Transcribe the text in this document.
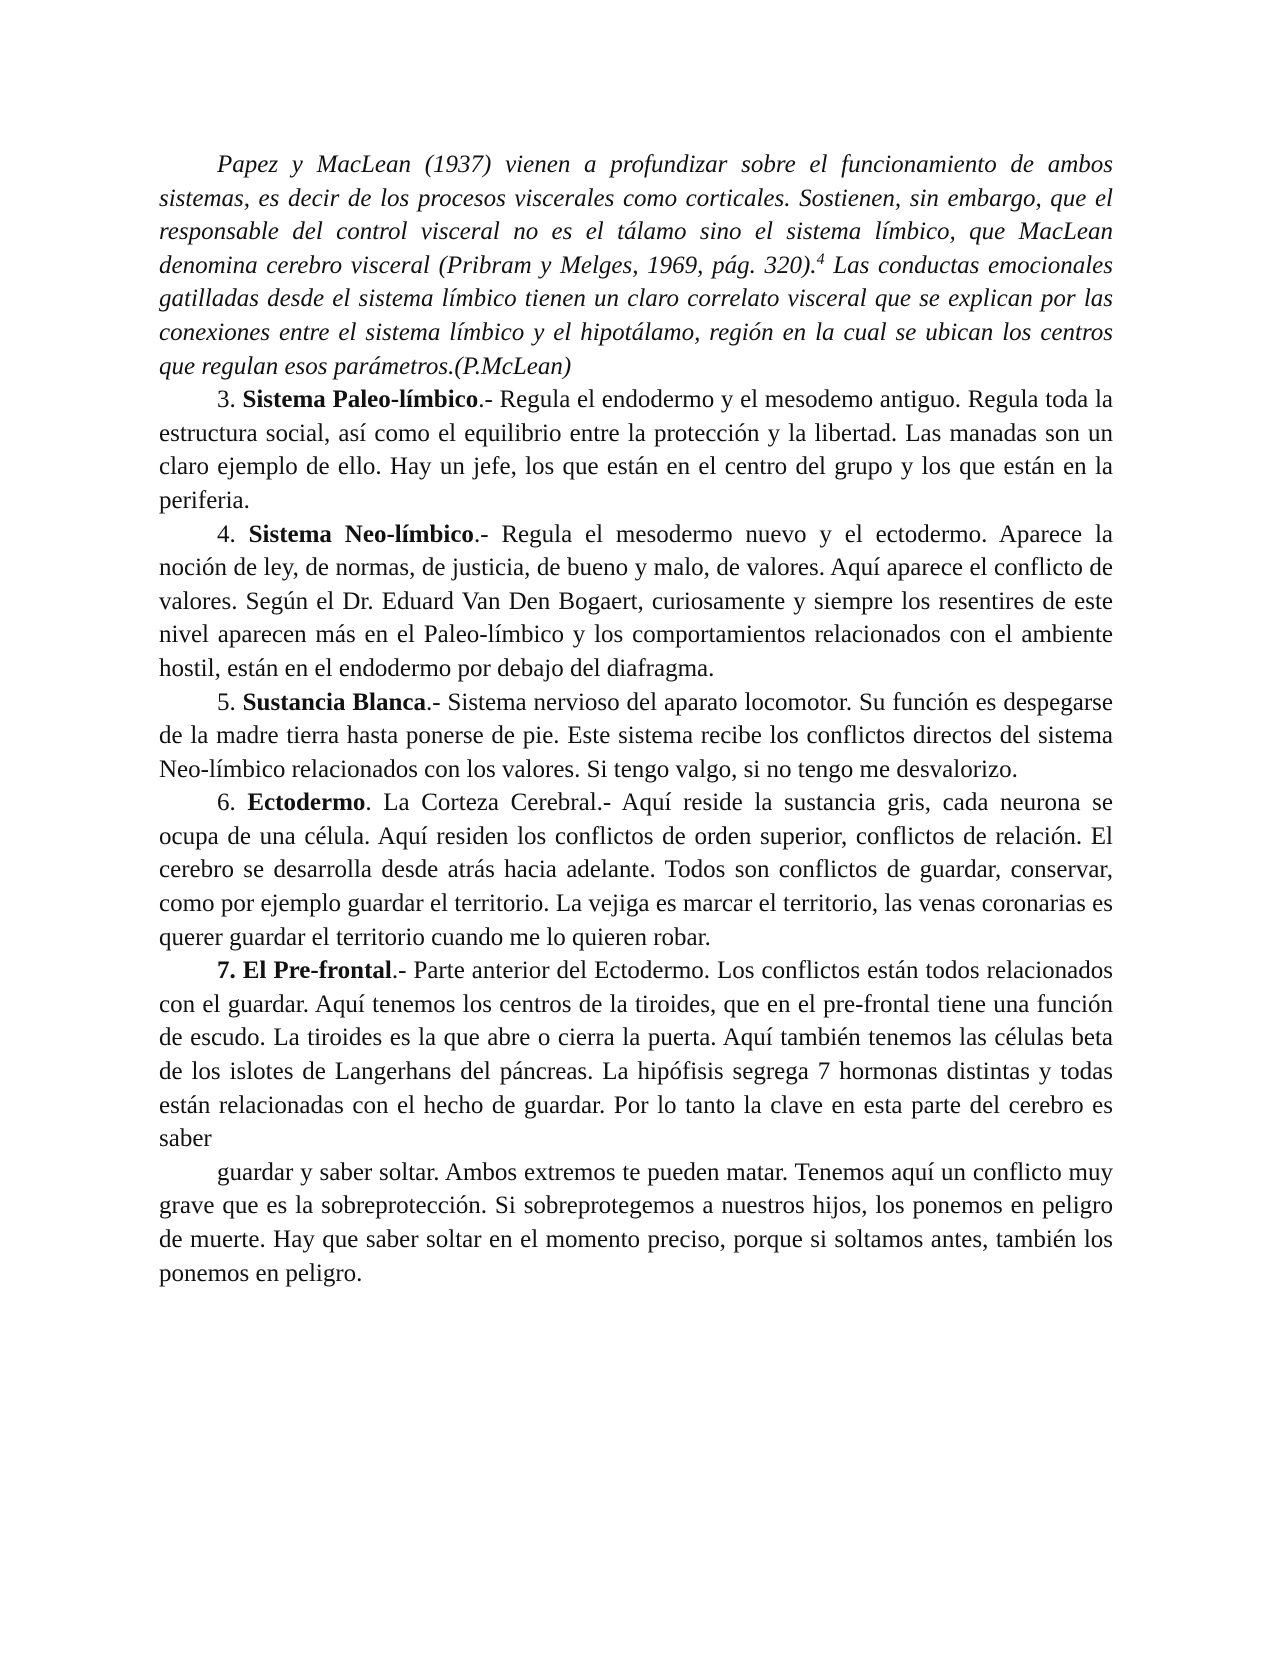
Papez y MacLean (1937) vienen a profundizar sobre el funcionamiento de ambos sistemas, es decir de los procesos viscerales como corticales. Sostienen, sin embargo, que el responsable del control visceral no es el tálamo sino el sistema límbico, que MacLean denomina cerebro visceral (Pribram y Melges, 1969, pág. 320).$^4$ Las conductas emocionales gatilladas desde el sistema límbico tienen un claro correlato visceral que se explican por las conexiones entre el sistema límbico y el hipotálamo, región en la cual se ubican los centros que regulan esos parámetros.(P.McLean)

3. Sistema Paleo-límbico.- Regula el endodermo y el mesodemo antiguo. Regula toda la estructura social, así como el equilibrio entre la protección y la libertad. Las manadas son un claro ejemplo de ello. Hay un jefe, los que están en el centro del grupo y los que están en la periferia.

4. Sistema Neo-límbico.- Regula el mesodermo nuevo y el ectodermo. Aparece la noción de ley, de normas, de justicia, de bueno y malo, de valores. Aquí aparece el conflicto de valores. Según el Dr. Eduard Van Den Bogaert, curiosamente y siempre los resentires de este nivel aparecen más en el Paleo-límbico y los comportamientos relacionados con el ambiente hostil, están en el endodermo por debajo del diafragma.

5. Sustancia Blanca.- Sistema nervioso del aparato locomotor. Su función es despegarse de la madre tierra hasta ponerse de pie. Este sistema recibe los conflictos directos del sistema Neo-límbico relacionados con los valores. Si tengo valgo, si no tengo me desvalorizo.

6. Ectodermo. La Corteza Cerebral.- Aquí reside la sustancia gris, cada neurona se ocupa de una célula. Aquí residen los conflictos de orden superior, conflictos de relación. El cerebro se desarrolla desde atrás hacia adelante. Todos son conflictos de guardar, conservar, como por ejemplo guardar el territorio. La vejiga es marcar el territorio, las venas coronarias es querer guardar el territorio cuando me lo quieren robar.

7. El Pre-frontal.- Parte anterior del Ectodermo. Los conflictos están todos relacionados con el guardar. Aquí tenemos los centros de la tiroides, que en el pre-frontal tiene una función de escudo. La tiroides es la que abre o cierra la puerta. Aquí también tenemos las células beta de los islotes de Langerhans del páncreas. La hipófisis segrega 7 hormonas distintas y todas están relacionadas con el hecho de guardar. Por lo tanto la clave en esta parte del cerebro es saber

guardar y saber soltar. Ambos extremos te pueden matar. Tenemos aquí un conflicto muy grave que es la sobreprotección. Si sobreprotegemos a nuestros hijos, los ponemos en peligro de muerte. Hay que saber soltar en el momento preciso, porque si soltamos antes, también los ponemos en peligro.
